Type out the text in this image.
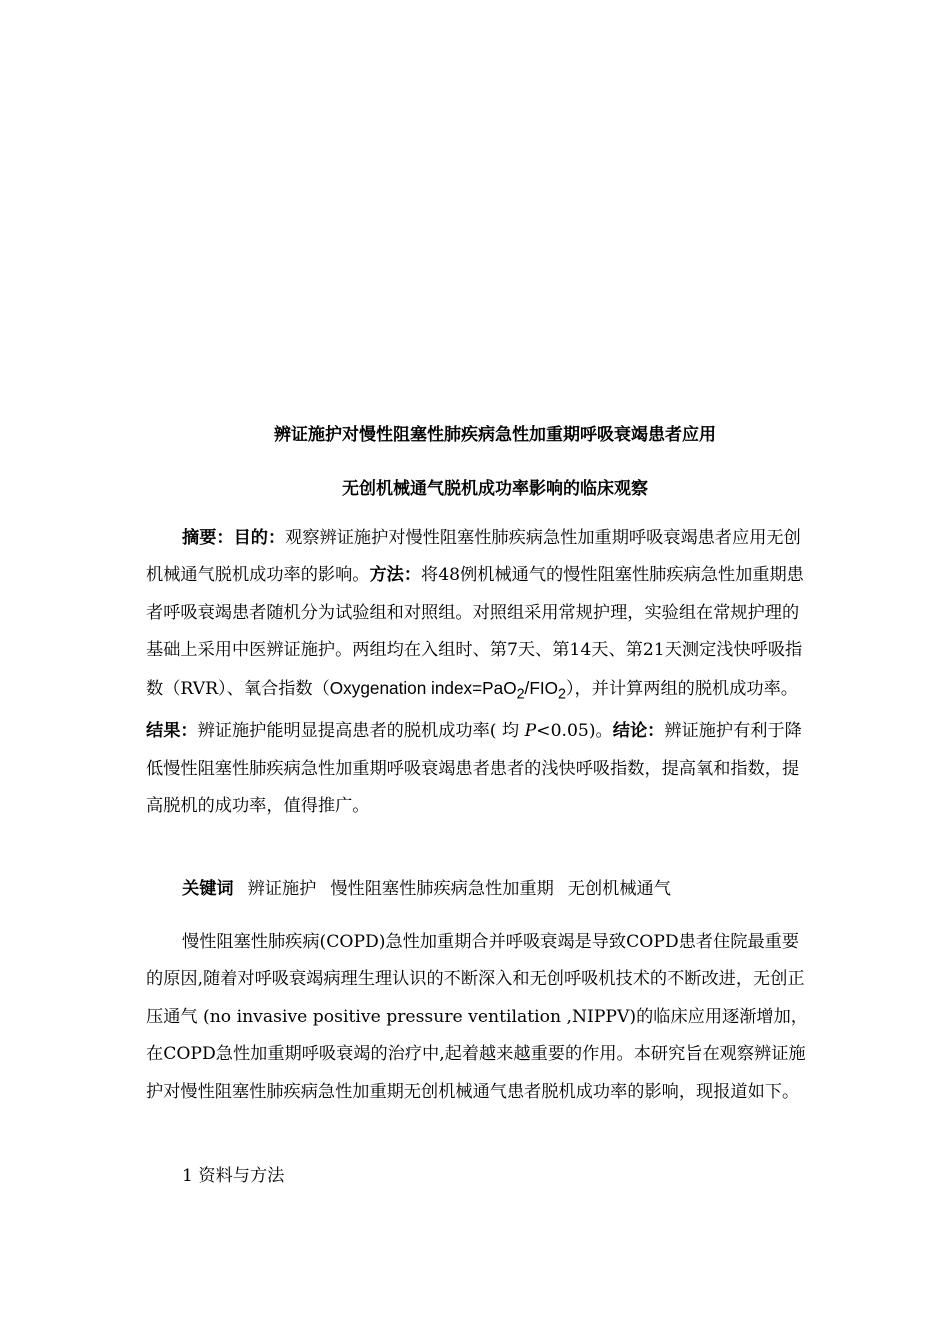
辨证施护对慢性阻塞性肺疾病急性加重期呼吸衰竭患者应用
无创机械通气脱机成功率影响的临床观察

摘要：目的：观察辨证施护对慢性阻塞性肺疾病急性加重期呼吸衰竭患者应用无创机械通气脱机成功率的影响。方法：将48例机械通气的慢性阻塞性肺疾病急性加重期患者呼吸衰竭患者随机分为试验组和对照组。对照组采用常规护理，实验组在常规护理的基础上采用中医辨证施护。两组均在入组时、第7天、第14天、第21天测定浅快呼吸指数（RVR）、氧合指数（Oxygenation $index=PaO_2/FIO_2$），并计算两组的脱机成功率。结果：辨证施护能明显提高患者的脱机成功率( 均 P<0.05)。结论：辨证施护有利于降低慢性阻塞性肺疾病急性加重期呼吸衰竭患者患者的浅快呼吸指数，提高氧和指数，提高脱机的成功率，值得推广。

关键词 辨证施护 慢性阻塞性肺疾病急性加重期 无创机械通气

慢性阻塞性肺疾病(COPD)急性加重期合并呼吸衰竭是导致COPD患者住院最重要的原因,随着对呼吸衰竭病理生理认识的不断深入和无创呼吸机技术的不断改进，无创正压通气 (no invasive positive pressure ventilation ,NIPPV)的临床应用逐渐增加，在COPD急性加重期呼吸衰竭的治疗中,起着越来越重要的作用。本研究旨在观察辨证施护对慢性阻塞性肺疾病急性加重期无创机械通气患者脱机成功率的影响，现报道如下。

1 资料与方法
